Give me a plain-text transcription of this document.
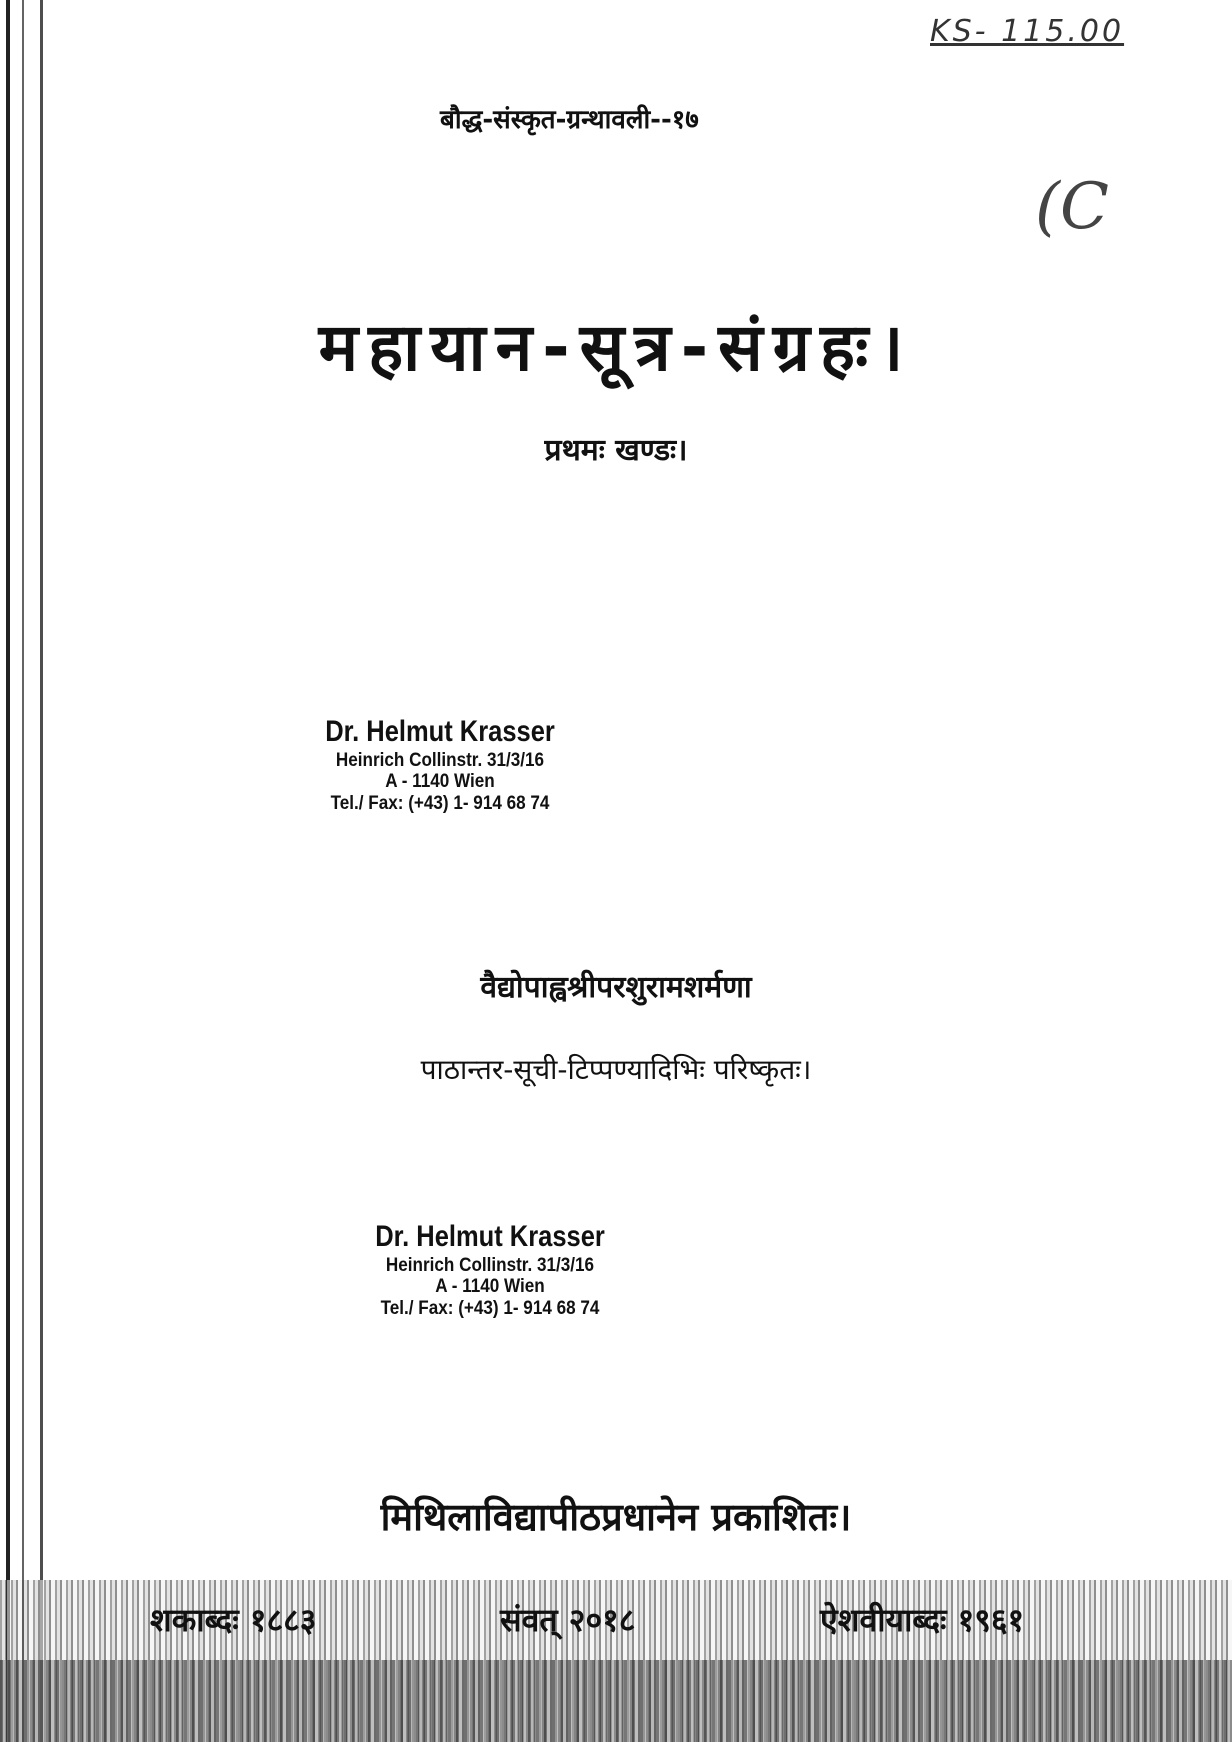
KS- 115.00
(C
बौद्ध-संस्कृत-ग्रन्थावली--१७
महायान-सूत्र-संग्रहः।
प्रथमः खण्डः।
Dr. Helmut Krasser
Heinrich Collinstr. 31/3/16
A - 1140 Wien
Tel./ Fax: (+43) 1- 914 68 74
वैद्योपाह्वश्रीपरशुरामशर्मणा
पाठान्तर-सूची-टिप्पण्यादिभिः परिष्कृतः।
Dr. Helmut Krasser
Heinrich Collinstr. 31/3/16
A - 1140 Wien
Tel./ Fax: (+43) 1- 914 68 74
मिथिलाविद्यापीठप्रधानेन प्रकाशितः।
शकाब्दः १८८३	संवत् २०१८	ऐशवीयाब्दः १९६१
